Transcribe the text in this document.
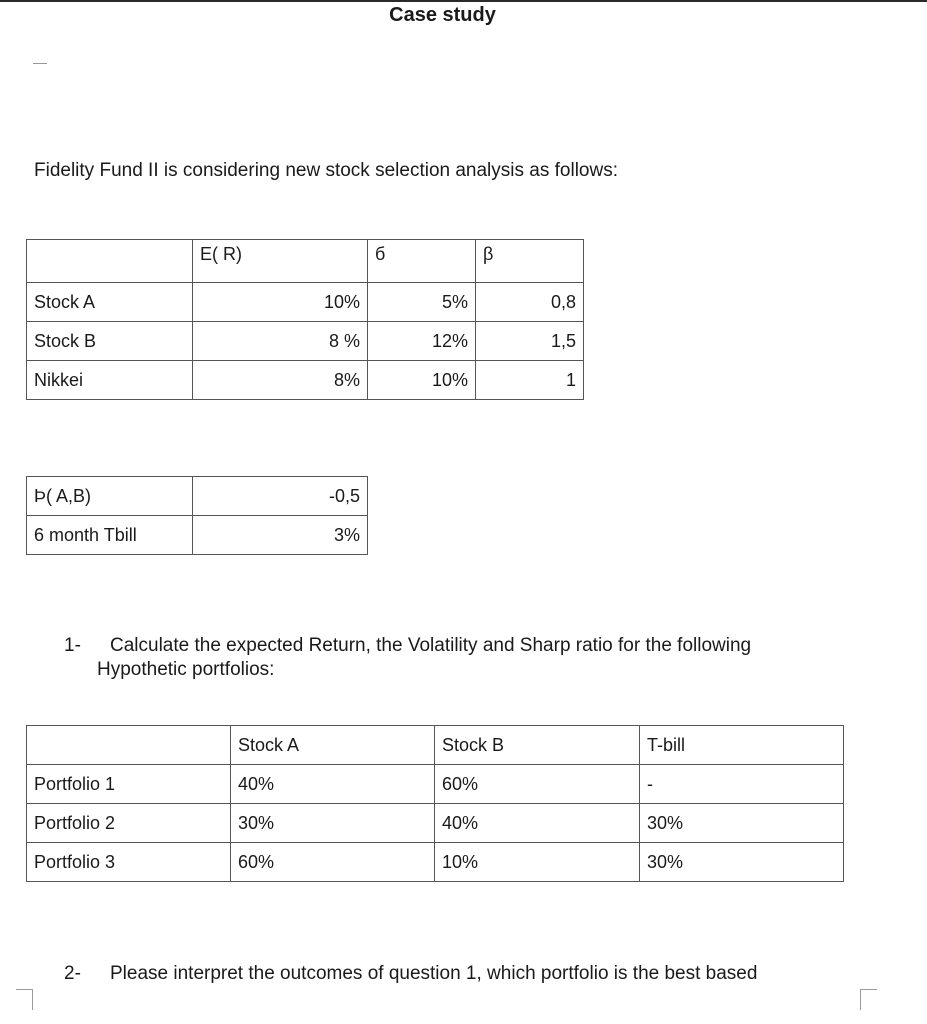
Case study
Fidelity Fund II is considering new stock selection analysis as follows:
	E( R)	б	β
Stock A	10%	5%	0,8
Stock B	8 %	12%	1,5
Nikkei	8%	10%	1
Þ( A,B)	-0,5
6 month Tbill	3%
1- Calculate the expected Return, the Volatility and Sharp ratio for the following
Hypothetic portfolios:
	Stock A	Stock B	T-bill
Portfolio 1	40%	60%	-
Portfolio 2	30%	40%	30%
Portfolio 3	60%	10%	30%
2- Please interpret the outcomes of question 1, which portfolio is the best based
